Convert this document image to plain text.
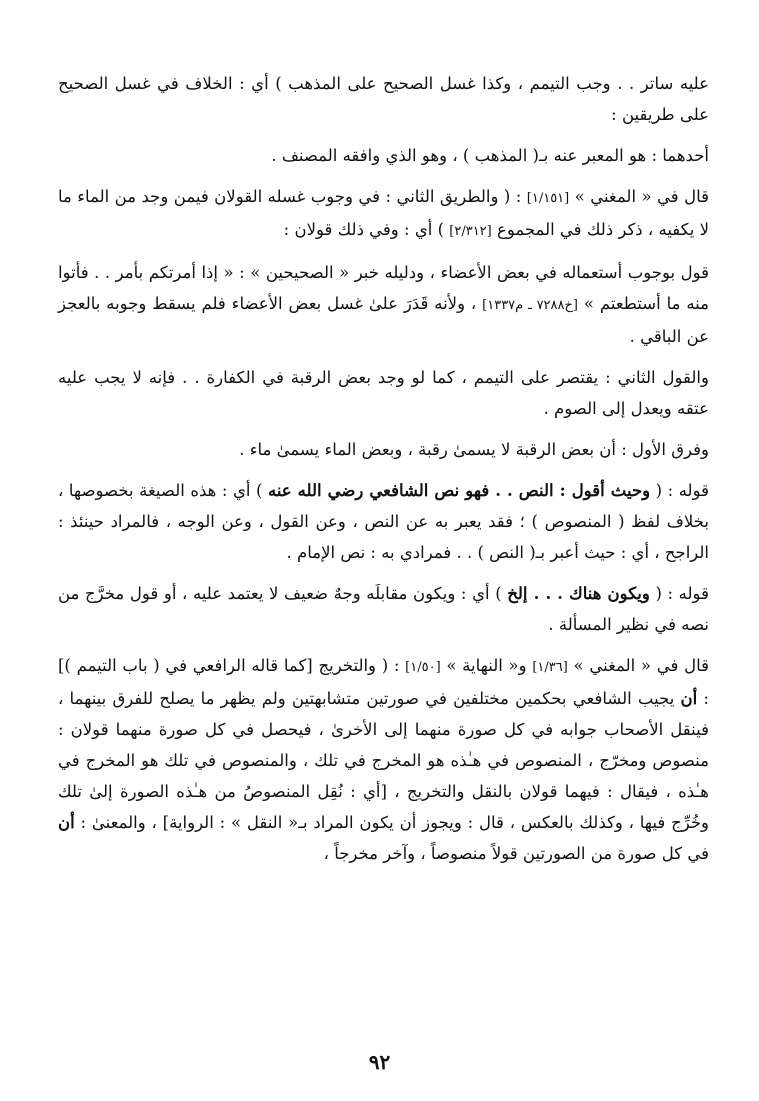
عليه ساتر . . وجب التيمم ، وكذا غسل الصحيح على المذهب ) أي : الخلاف في غسل الصحيح على طريقين :

أحدهما : هو المعبر عنه بـ( المذهب ) ، وهو الذي وافقه المصنف .

قال في « المغني » [١/١٥١] : ( والطريق الثاني : في وجوب غسله القولان فيمن وجد من الماء ما لا يكفيه ، ذكر ذلك في المجموع [٢/٣١٢] ) أي : وفي ذلك قولان :

قول بوجوب أستعماله في بعض الأعضاء ، ودليله خبر « الصحيحين » : « إذا أمرتكم بأمر . . فأتوا منه ما أستطعتم » [خ٧٢٨٨ ـ م١٣٣٧] ، ولأنه قَدَرَ علىٰ غسل بعض الأعضاء فلم يسقط وجوبه بالعجز عن الباقي .

والقول الثاني : يقتصر على التيمم ، كما لو وجد بعض الرقبة في الكفارة . . فإنه لا يجب عليه عتقه ويعدل إلى الصوم .

وفرق الأول : أن بعض الرقبة لا يسمىٰ رقبة ، وبعض الماء يسمىٰ ماء .

قوله : ( وحيث أقول : النص . . فهو نص الشافعي رضي الله عنه ) أي : هذه الصيغة بخصوصها ، بخلاف لفظ ( المنصوص ) ؛ فقد يعبر به عن النص ، وعن القول ، وعن الوجه ، فالمراد حينئذ : الراجح ، أي : حيث أعبر بـ( النص ) . . فمرادي به : نص الإمام .

قوله : ( ويكون هناك . . . إلخ ) أي : ويكون مقابلَه وجهٌ ضعيف لا يعتمد عليه ، أو قول مخرَّج من نصه في نظير المسألة .

قال في « المغني » [١/٣٦] و« النهاية » [١/٥٠] : ( والتخريج [كما قاله الرافعي في ( باب التيمم )] : أن يجيب الشافعي بحكمين مختلفين في صورتين متشابهتين ولم يظهر ما يصلح للفرق بينهما ، فينقل الأصحاب جوابه في كل صورة منهما إلى الأخرىٰ ، فيحصل في كل صورة منهما قولان : منصوص ومخرّج ، المنصوص في هـٰذه هو المخرج في تلك ، والمنصوص في تلك هو المخرج في هـٰذه ، فيقال : فيهما قولان بالنقل والتخريج ، [أي : نُقِل المنصوصُ من هـٰذه الصورة إلىٰ تلك وخُرِّج فيها ، وكذلك بالعكس ، قال : ويجوز أن يكون المراد بـ« النقل » : الرواية] ، والمعنىٰ : أن في كل صورة من الصورتين قولاً منصوصاً ، وآخر مخرجاً ،

٩٢
